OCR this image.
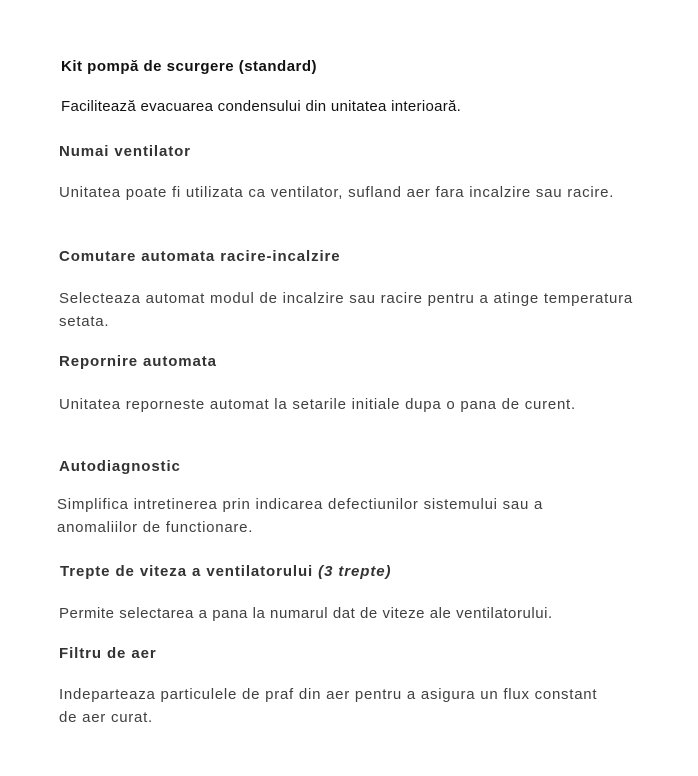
Kit pompă de scurgere (standard)
Facilitează evacuarea condensului din unitatea interioară.
Numai ventilator
Unitatea poate fi utilizata ca ventilator, sufland aer fara incalzire sau racire.
Comutare automata racire-incalzire
Selecteaza automat modul de incalzire sau racire pentru a atinge temperatura setata.
Repornire automata
Unitatea reporneste automat la setarile initiale dupa o pana de curent.
Autodiagnostic
Simplifica intretinerea prin indicarea defectiunilor sistemului sau a anomaliilor de functionare.
Trepte de viteza a ventilatorului (3 trepte)
Permite selectarea a pana la numarul dat de viteze ale ventilatorului.
Filtru de aer
Indeparteaza particulele de praf din aer pentru a asigura un flux constant de aer curat.
